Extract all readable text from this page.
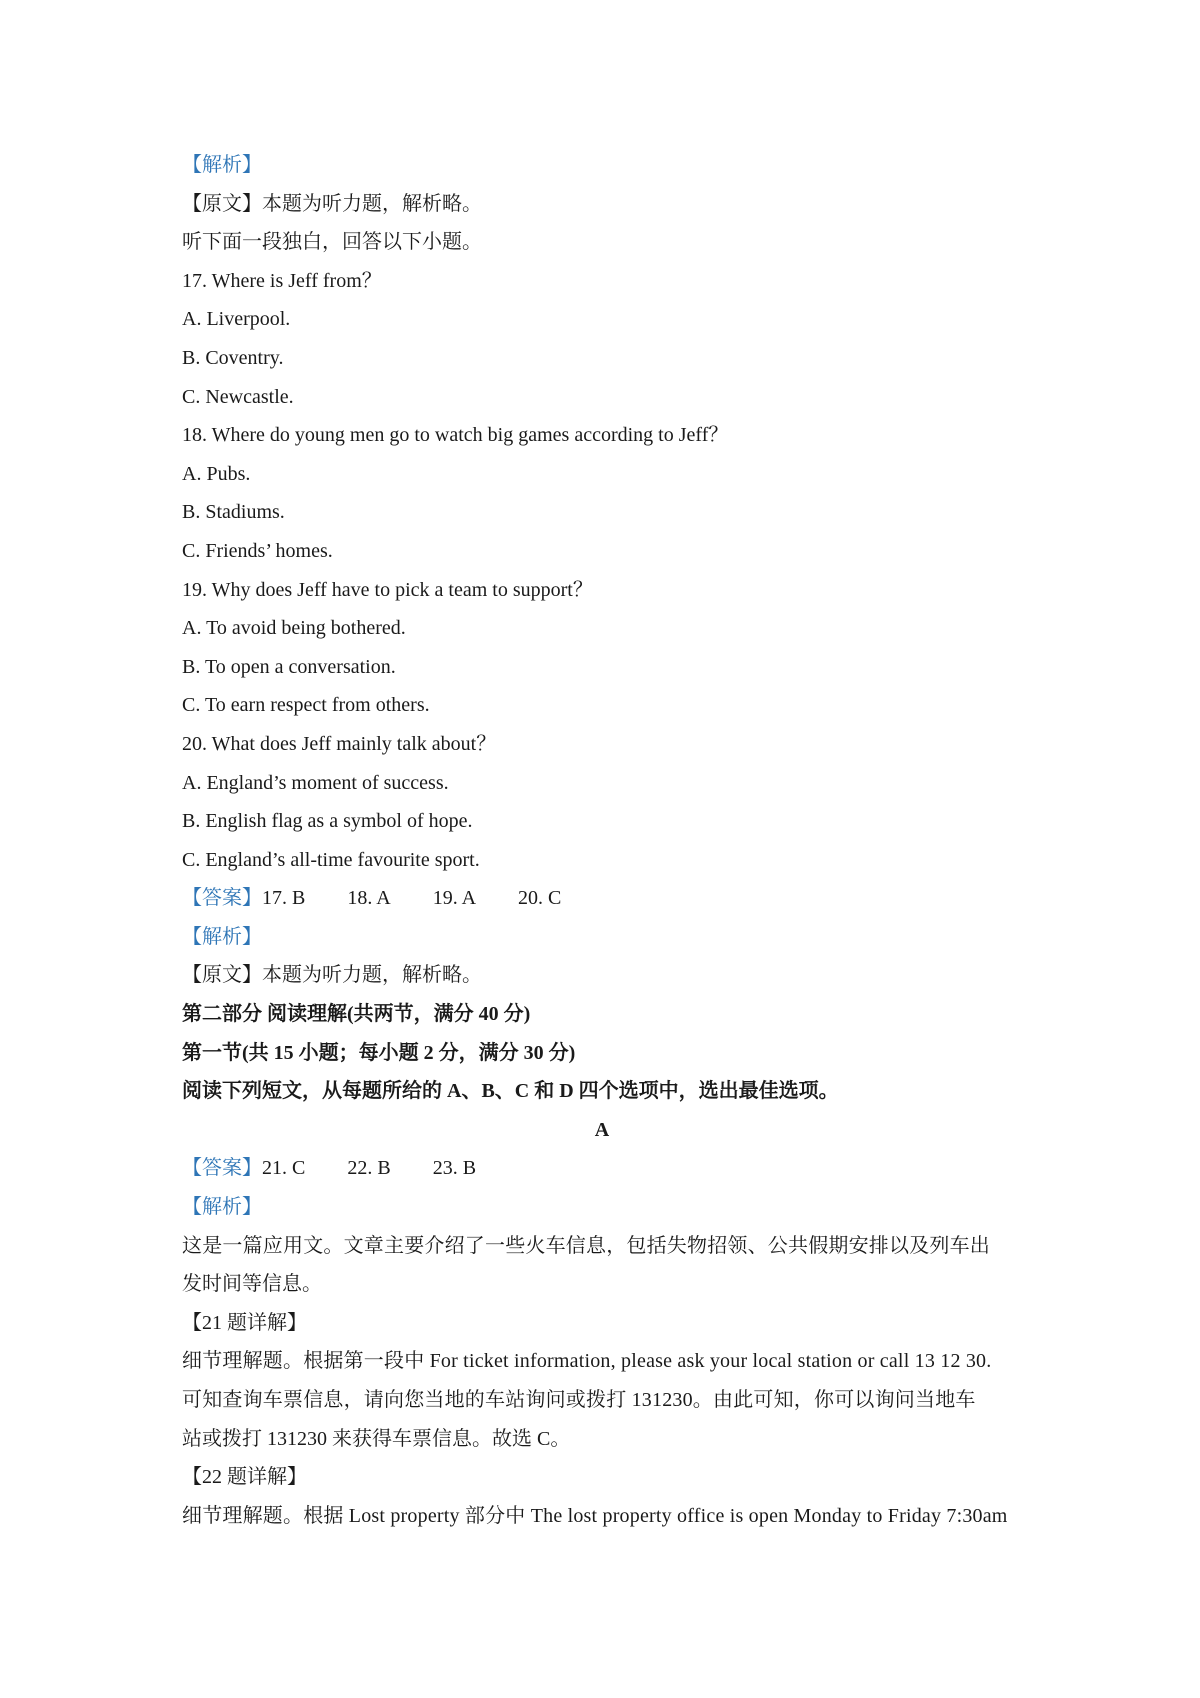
【解析】
【原文】本题为听力题，解析略。
听下面一段独白，回答以下小题。
17. Where is Jeff from？
A. Liverpool.
B. Coventry.
C. Newcastle.
18. Where do young men go to watch big games according to Jeff？
A. Pubs.
B. Stadiums.
C. Friends’ homes.
19. Why does Jeff have to pick a team to support？
A. To avoid being bothered.
B. To open a conversation.
C. To earn respect from others.
20. What does Jeff mainly talk about？
A. England’s moment of success.
B. English flag as a symbol of hope.
C. England’s all-time favourite sport.
【答案】17. B 18. A 19. A 20. C
【解析】
【原文】本题为听力题，解析略。
第二部分 阅读理解(共两节，满分 40 分)
第一节(共 15 小题；每小题 2 分，满分 30 分)
阅读下列短文，从每题所给的 A、B、C 和 D 四个选项中，选出最佳选项。
A
【答案】21. C 22. B 23. B
【解析】
这是一篇应用文。文章主要介绍了一些火车信息，包括失物招领、公共假期安排以及列车出
发时间等信息。
【21 题详解】
细节理解题。根据第一段中 For ticket information, please ask your local station or call 13 12 30.
可知查询车票信息，请向您当地的车站询问或拨打 131230。由此可知，你可以询问当地车
站或拨打 131230 来获得车票信息。故选 C。
【22 题详解】
细节理解题。根据 Lost property 部分中 The lost property office is open Monday to Friday 7:30am
